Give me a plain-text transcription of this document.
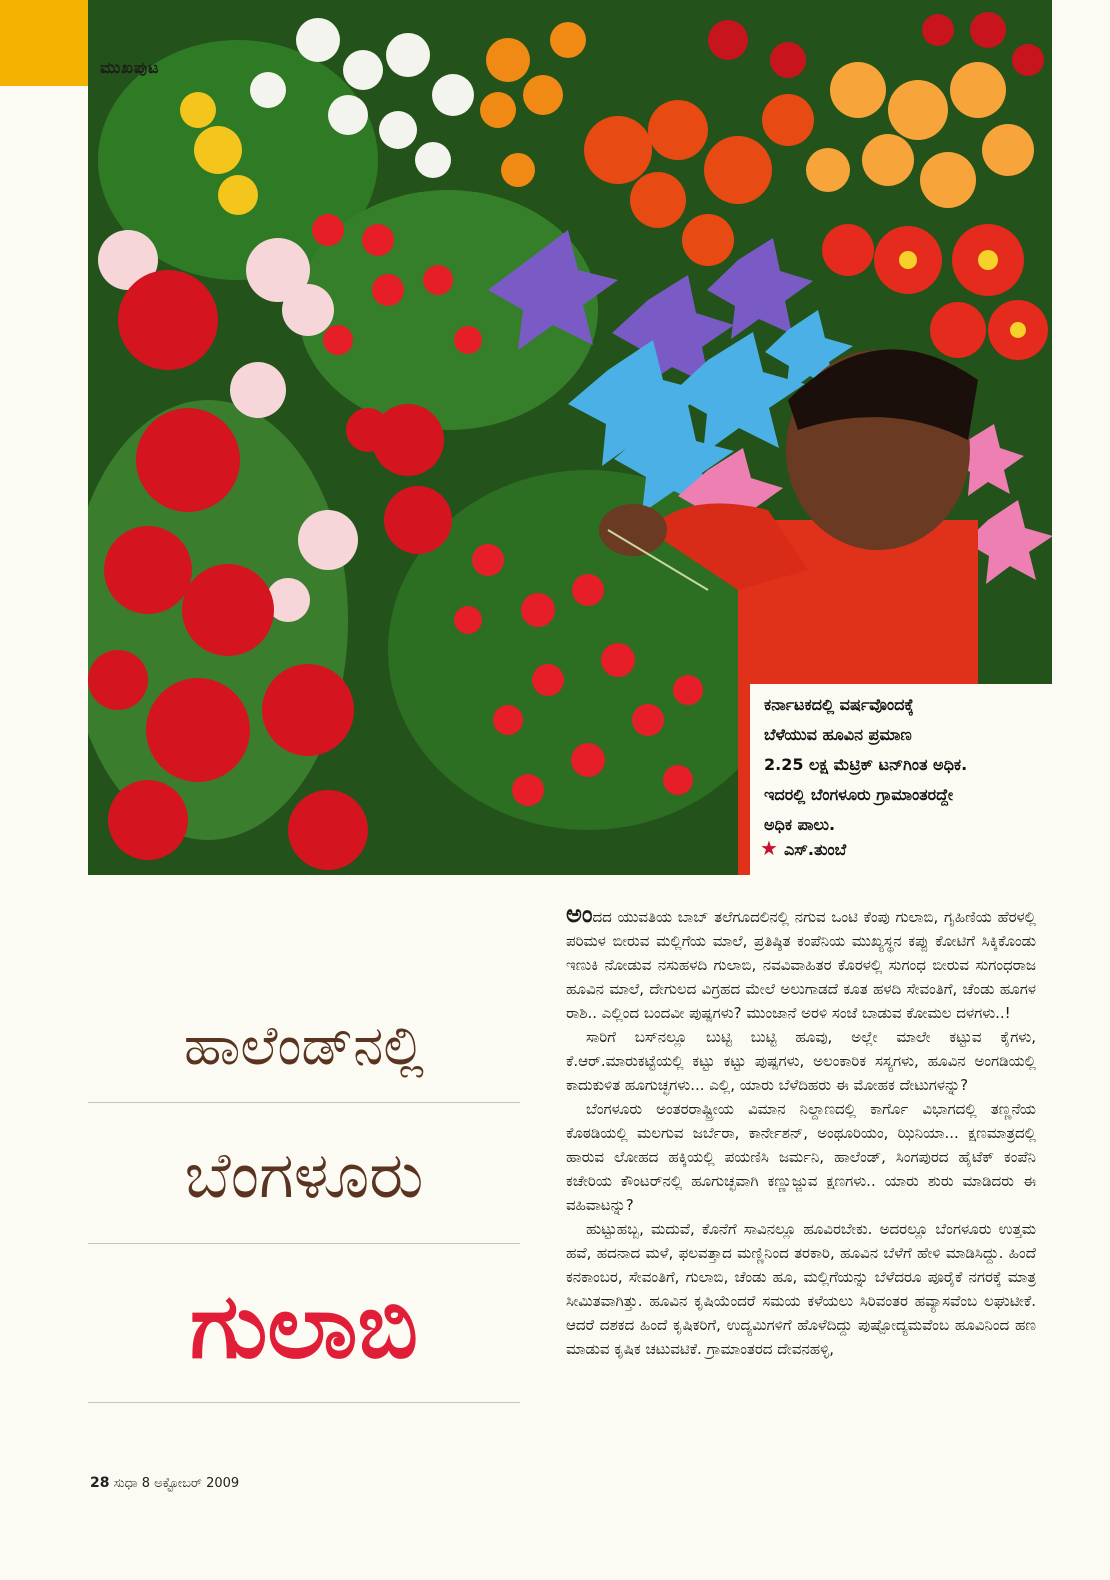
ಮುಖಪುಟ
ಕರ್ನಾಟಕದಲ್ಲಿ ವರ್ಷವೊಂದಕ್ಕೆ
ಬೆಳೆಯುವ ಹೂವಿನ ಪ್ರಮಾಣ
2.25 ಲಕ್ಷ ಮೆಟ್ರಿಕ್ ಟನ್‌ಗಿಂತ ಅಧಿಕ.
ಇದರಲ್ಲಿ ಬೆಂಗಳೂರು ಗ್ರಾಮಾಂತರದ್ದೇ
ಅಧಿಕ ಪಾಲು.
★ ಎಸ್.ತುಂಬೆ
ಹಾಲೆಂಡ್‌ನಲ್ಲಿ
ಬೆಂಗಳೂರು
ಗುಲಾಬಿ

ಅಂದದ ಯುವತಿಯ ಬಾಬ್ ತಲೆಗೂದಲಿನಲ್ಲಿ ನಗುವ ಒಂಟಿ ಕೆಂಪು ಗುಲಾಬಿ, ಗೃಹಿಣಿಯ ಹೆರಳಲ್ಲಿ ಪರಿಮಳ ಬೀರುವ ಮಲ್ಲಿಗೆಯ ಮಾಲೆ, ಪ್ರತಿಷ್ಠಿತ ಕಂಪೆನಿಯ ಮುಖ್ಯಸ್ಥನ ಕಪ್ಪು ಕೋಟಿಗೆ ಸಿಕ್ಕಿಕೊಂಡು ಇಣುಕಿ ನೋಡುವ ನಸುಹಳದಿ ಗುಲಾಬಿ, ನವವಿವಾಹಿತರ ಕೊರಳಲ್ಲಿ ಸುಗಂಧ ಬೀರುವ ಸುಗಂಧರಾಜ ಹೂವಿನ ಮಾಲೆ, ದೇಗುಲದ ವಿಗ್ರಹದ ಮೇಲೆ ಅಲುಗಾಡದೆ ಕೂತ ಹಳದಿ ಸೇವಂತಿಗೆ, ಚೆಂಡು ಹೂಗಳ ರಾಶಿ.. ಎಲ್ಲಿಂದ ಬಂದವೀ ಪುಷ್ಪಗಳು? ಮುಂಜಾನೆ ಅರಳಿ ಸಂಜೆ ಬಾಡುವ ಕೋಮಲ ದಳಗಳು..!

ಸಾರಿಗೆ ಬಸ್‌ನಲ್ಲೂ ಬುಟ್ಟಿ ಬುಟ್ಟಿ ಹೂವು, ಅಲ್ಲೇ ಮಾಲೇ ಕಟ್ಟುವ ಕೈಗಳು, ಕೆ.ಆರ್.ಮಾರುಕಟ್ಟೆಯಲ್ಲಿ ಕಟ್ಟು ಕಟ್ಟು ಪುಷ್ಪಗಳು, ಅಲಂಕಾರಿಕ ಸಸ್ಯಗಳು, ಹೂವಿನ ಅಂಗಡಿಯಲ್ಲಿ ಕಾದುಕುಳಿತ ಹೂಗುಚ್ಛಗಳು... ಎಲ್ಲಿ, ಯಾರು ಬೆಳೆದಿಹರು ಈ ಮೋಹಕ ದೇಟುಗಳನ್ನು?

ಬೆಂಗಳೂರು ಅಂತರರಾಷ್ಟ್ರೀಯ ವಿಮಾನ ನಿಲ್ದಾಣದಲ್ಲಿ ಕಾರ್ಗೊ ವಿಭಾಗದಲ್ಲಿ ತಣ್ಣನೆಯ ಕೊಠಡಿಯಲ್ಲಿ ಮಲಗುವ ಜರ್ಬೆರಾ, ಕಾರ್ನೇಶನ್, ಅಂಥೂರಿಯಂ, ಝಿನಿಯಾ... ಕ್ಷಣಮಾತ್ರದಲ್ಲಿ ಹಾರುವ ಲೋಹದ ಹಕ್ಕಿಯಲ್ಲಿ ಪಯಣಿಸಿ ಜರ್ಮನಿ, ಹಾಲೆಂಡ್, ಸಿಂಗಪುರದ ಹೈಟೆಕ್ ಕಂಪೆನಿ ಕಚೇರಿಯ ಕೌಂಟರ್‌ನಲ್ಲಿ ಹೂಗುಚ್ಛವಾಗಿ ಕಣ್ಣುಜ್ಜುವ ಕ್ಷಣಗಳು.. ಯಾರು ಶುರು ಮಾಡಿದರು ಈ ವಹಿವಾಟನ್ನು?

ಹುಟ್ಟುಹಬ್ಬ, ಮದುವೆ, ಕೊನೆಗೆ ಸಾವಿನಲ್ಲೂ ಹೂವಿರಬೇಕು. ಅದರಲ್ಲೂ ಬೆಂಗಳೂರು ಉತ್ತಮ ಹವೆ, ಹದನಾದ ಮಳೆ, ಫಲವತ್ತಾದ ಮಣ್ಣಿನಿಂದ ತರಕಾರಿ, ಹೂವಿನ ಬೆಳೆಗೆ ಹೇಳಿ ಮಾಡಿಸಿದ್ದು. ಹಿಂದೆ ಕನಕಾಂಬರ, ಸೇವಂತಿಗೆ, ಗುಲಾಬಿ, ಚೆಂಡು ಹೂ, ಮಲ್ಲಿಗೆಯನ್ನು ಬೆಳೆದರೂ ಪೂರೈಕೆ ನಗರಕ್ಕೆ ಮಾತ್ರ ಸೀಮಿತವಾಗಿತ್ತು. ಹೂವಿನ ಕೃಷಿಯೆಂದರೆ ಸಮಯ ಕಳೆಯಲು ಸಿರಿವಂತರ ಹವ್ಯಾಸವೆಂಬ ಲಘುಟೀಕೆ. ಆದರೆ ದಶಕದ ಹಿಂದೆ ಕೃಷಿಕರಿಗೆ, ಉದ್ಯಮಿಗಳಿಗೆ ಹೊಳೆದಿದ್ದು ಪುಷ್ಪೋದ್ಯಮವೆಂಬ ಹೂವಿನಿಂದ ಹಣ ಮಾಡುವ ಕೃಷಿಕ ಚಟುವಟಿಕೆ. ಗ್ರಾಮಾಂತರದ ದೇವನಹಳ್ಳಿ,

28 ಸುಧಾ 8 ಅಕ್ಟೋಬರ್ 2009
